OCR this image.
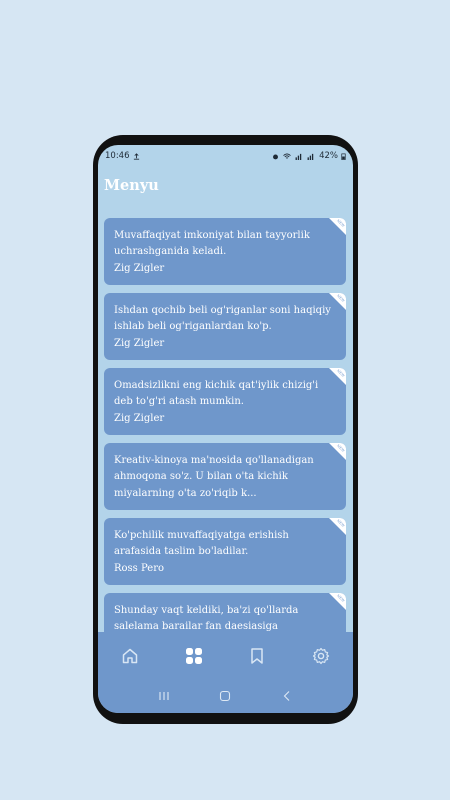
10:46	42%
Menyu
NEW
Muvaffaqiyat imkoniyat bilan tayyorlik uchrashganida keladi.
Zig Zigler
NEW
Ishdan qochib beli og'riganlar soni haqiqiy ishlab beli og'riganlardan ko'p.
Zig Zigler
NEW
Omadsizlikni eng kichik qat'iylik chizig'i deb to'g'ri atash mumkin.
Zig Zigler
NEW
Kreativ-kinoya ma'nosida qo'llanadigan ahmoqona so'z. U bilan o'ta kichik miyalarning o'ta zo'riqib k...
NEW
Ko'pchilik muvaffaqiyatga erishish arafasida taslim bo'ladilar.
Ross Pero
NEW
Shunday vaqt keldiki, ba'zi qo'llarda salelama barailar fan daesiasiga
